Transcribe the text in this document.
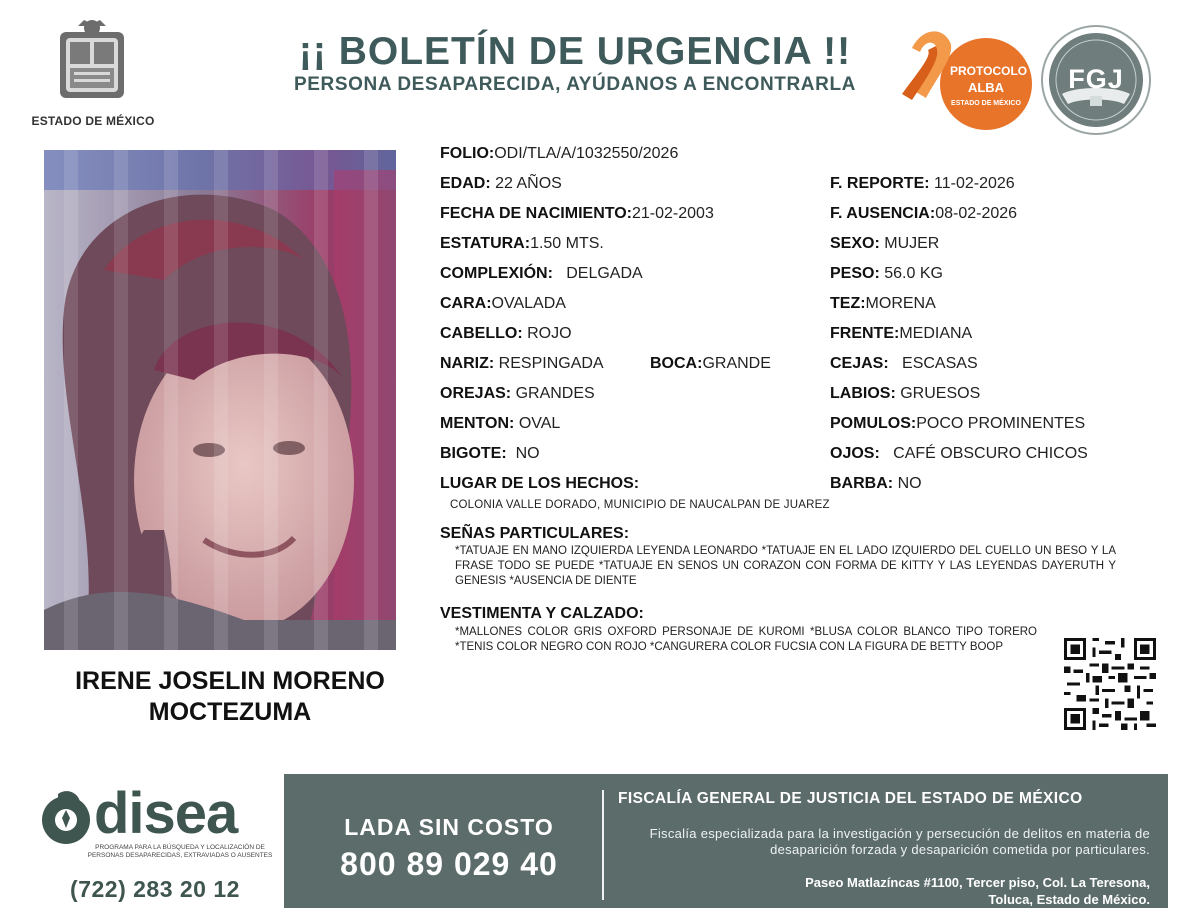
ESTADO DE MÉXICO
¡¡ BOLETÍN DE URGENCIA !!
PERSONA DESAPARECIDA, AYÚDANOS A ENCONTRARLA
PROTOCOLO
ALBA
ESTADO DE MÉXICO
FGJ
IRENE JOSELIN MORENO
MOCTEZUMA
FOLIO:ODI/TLA/A/1032550/2026
EDAD: 22 AÑOS
FECHA DE NACIMIENTO:21-02-2003
ESTATURA:1.50 MTS.
COMPLEXIÓN: DELGADA
CARA:OVALADA
CABELLO: ROJO
NARIZ: RESPINGADA	BOCA:GRANDE
OREJAS: GRANDES
MENTON: OVAL
BIGOTE: NO
LUGAR DE LOS HECHOS:
COLONIA VALLE DORADO, MUNICIPIO DE NAUCALPAN DE JUAREZ
F. REPORTE: 11-02-2026
F. AUSENCIA:08-02-2026
SEXO: MUJER
PESO: 56.0 KG
TEZ:MORENA
FRENTE:MEDIANA
CEJAS: ESCASAS
LABIOS: GRUESOS
POMULOS:POCO PROMINENTES
OJOS: CAFÉ OBSCURO CHICOS
BARBA: NO
SEÑAS PARTICULARES:
*TATUAJE EN MANO IZQUIERDA LEYENDA LEONARDO *TATUAJE EN EL LADO IZQUIERDO DEL CUELLO UN BESO Y LA FRASE TODO SE PUEDE *TATUAJE EN SENOS UN CORAZON CON FORMA DE KITTY Y LAS LEYENDAS DAYERUTH Y GENESIS *AUSENCIA DE DIENTE
VESTIMENTA Y CALZADO:
*MALLONES COLOR GRIS OXFORD PERSONAJE DE KUROMI *BLUSA COLOR BLANCO TIPO TORERO *TENIS COLOR NEGRO CON ROJO *CANGURERA COLOR FUCSIA CON LA FIGURA DE BETTY BOOP
disea
PROGRAMA PARA LA BÚSQUEDA Y LOCALIZACIÓN DE PERSONAS DESAPARECIDAS, EXTRAVIADAS O AUSENTES
(722) 283 20 12
LADA SIN COSTO
800 89 029 40
FISCALÍA GENERAL DE JUSTICIA DEL ESTADO DE MÉXICO
Fiscalía especializada para la investigación y persecución de delitos en materia de desaparición forzada y desaparición cometida por particulares.
Paseo Matlazíncas #1100, Tercer piso, Col. La Teresona,
Toluca, Estado de México.
